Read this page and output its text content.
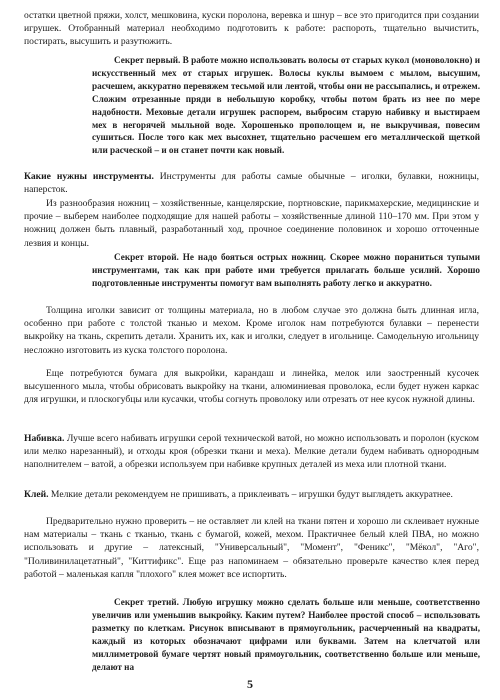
остатки цветной пряжи, холст, мешковина, куски поролона, веревка и шнур – все это пригодится при создании игрушек. Отобранный материал необходимо подготовить к работе: распороть, тщательно вычистить, постирать, высушить и разутюжить.

Секрет первый. В работе можно использовать волосы от старых кукол (моноволокно) и искусственный мех от старых игрушек. Волосы куклы вымоем с мылом, высушим, расчешем, аккуратно перевяжем тесьмой или лентой, чтобы они не рассыпались, и отрежем. Сложим отрезанные пряди в небольшую коробку, чтобы потом брать из нее по мере надобности. Меховые детали игрушек распорем, выбросим старую набивку и выстираем мех в негорячей мыльной воде. Хорошенько прополощем и, не выкручивая, повесим сушиться. После того как мех высохнет, тщательно расчешем его металлической щеткой или расческой – и он станет почти как новый.

Какие нужны инструменты. Инструменты для работы самые обычные – иголки, булавки, ножницы, наперсток.

Из разнообразия ножниц – хозяйственные, канцелярские, портновские, парикмахерские, медицинские и прочие – выберем наиболее подходящие для нашей работы – хозяйственные длиной 110–170 мм. При этом у ножниц должен быть плавный, разработанный ход, прочное соединение половинок и хорошо отточенные лезвия и концы.

Секрет второй. Не надо бояться острых ножниц. Скорее можно пораниться тупыми инструментами, так как при работе ими требуется прилагать больше усилий. Хорошо подготовленные инструменты помогут вам выполнять работу легко и аккуратно.

Толщина иголки зависит от толщины материала, но в любом случае это должна быть длинная игла, особенно при работе с толстой тканью и мехом. Кроме иголок нам потребуются булавки – перенести выкройку на ткань, скрепить детали. Хранить их, как и иголки, следует в игольнице. Самодельную игольницу несложно изготовить из куска толстого поролона.

Еще потребуются бумага для выкройки, карандаш и линейка, мелок или заостренный кусочек высушенного мыла, чтобы обрисовать выкройку на ткани, алюминиевая проволока, если будет нужен каркас для игрушки, и плоскогубцы или кусачки, чтобы согнуть проволоку или отрезать от нее кусок нужной длины.

Набивка. Лучше всего набивать игрушки серой технической ватой, но можно использовать и поролон (куском или мелко нарезанный), и отходы кроя (обрезки ткани и меха). Мелкие детали будем набивать однородным наполнителем – ватой, а обрезки используем при набивке крупных деталей из меха или плотной ткани.

Клей. Мелкие детали рекомендуем не пришивать, а приклеивать – игрушки будут выглядеть аккуратнее.

Предварительно нужно проверить – не оставляет ли клей на ткани пятен и хорошо ли склеивает нужные нам материалы – ткань с тканью, ткань с бумагой, кожей, мехом. Практичнее белый клей ПВА, но можно использовать и другие – латексный, "Универсальный", "Момент", "Феникс", "Мёкол", "Аго", "Поливинилацетатный", "Киттификс". Еще раз напоминаем – обязательно проверьте качество клея перед работой – маленькая капля "плохого" клея может все испортить.

Секрет третий. Любую игрушку можно сделать больше или меньше, соответственно увеличив или уменьшив выкройку. Каким путем? Наиболее простой способ – использовать разметку по клеткам. Рисунок вписывают в прямоугольник, расчерченный на квадраты, каждый из которых обозначают цифрами или буквами. Затем на клетчатой или миллиметровой бумаге чертят новый прямоугольник, соответственно больше или меньше, делают на

5
